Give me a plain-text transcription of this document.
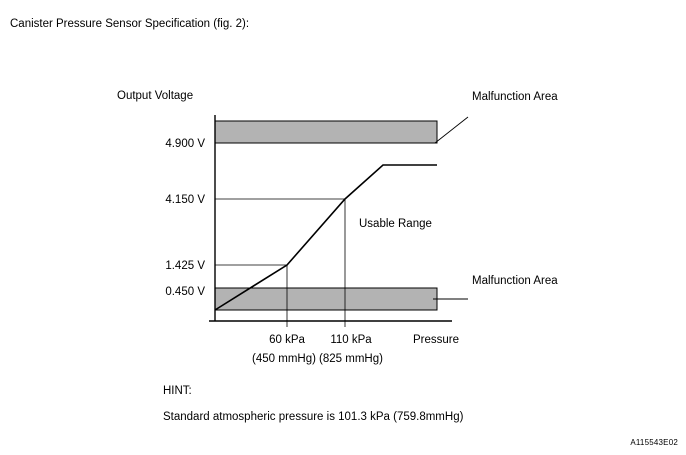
Canister Pressure Sensor Specification (fig. 2):
Output Voltage
4.900 V
4.150 V
1.425 V
0.450 V
60 kPa
(450 mmHg)
110 kPa
(825 mmHg)
Pressure
Usable Range
Malfunction Area
Malfunction Area
HINT:
Standard atmospheric pressure is 101.3 kPa (759.8mmHg)
A115543E02
